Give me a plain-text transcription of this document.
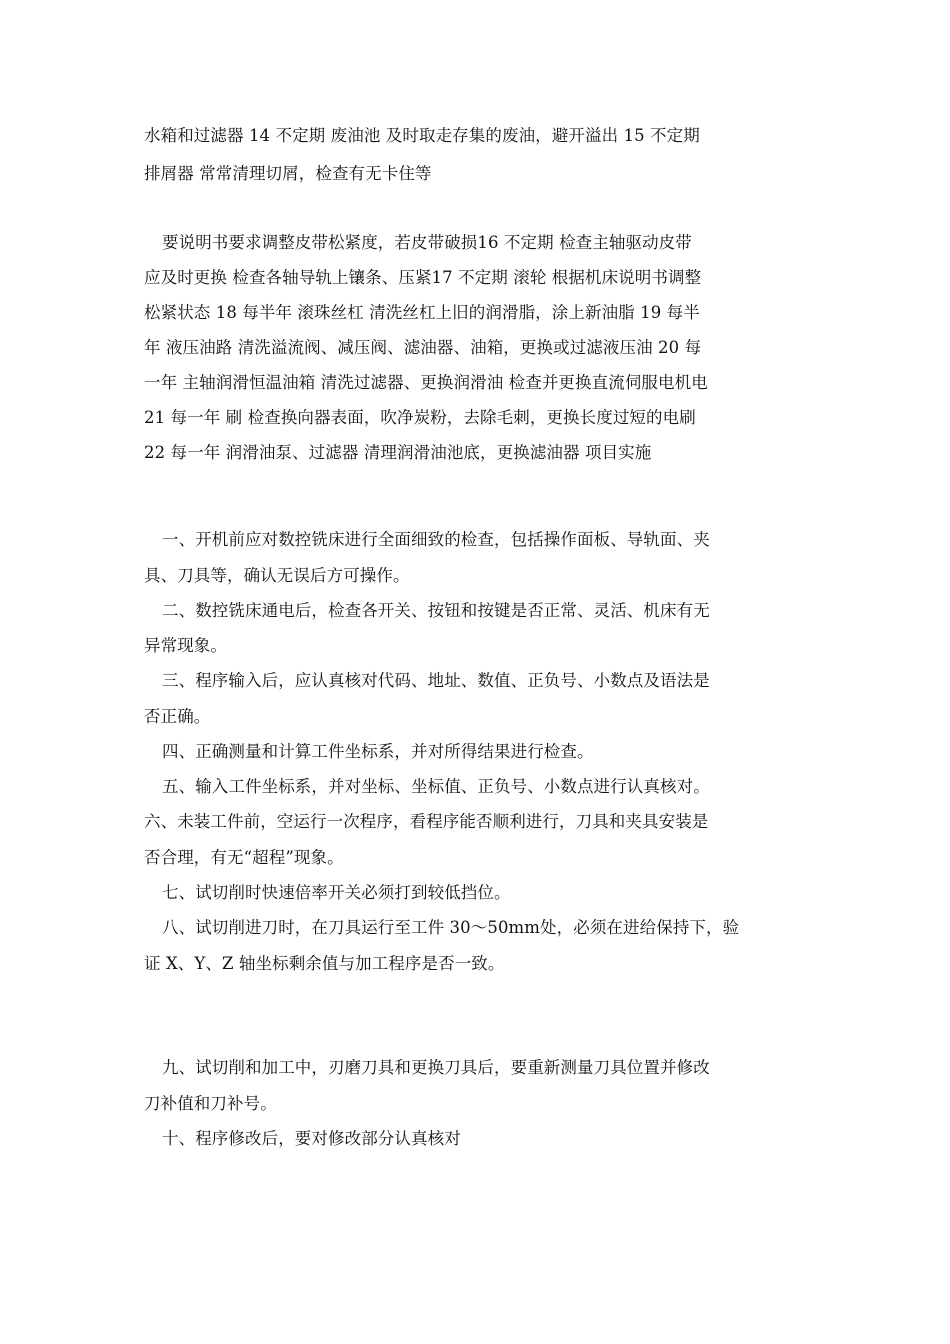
水箱和过滤器 14 不定期 废油池 及时取走存集的废油，避开溢出 15 不定期
排屑器 常常清理切屑，检查有无卡住等
要说明书要求调整皮带松紧度，若皮带破损16 不定期 检查主轴驱动皮带
应及时更换 检查各轴导轨上镶条、压紧17 不定期 滚轮 根据机床说明书调整
松紧状态 18 每半年 滚珠丝杠 清洗丝杠上旧的润滑脂，涂上新油脂 19 每半
年 液压油路 清洗溢流阀、减压阀、滤油器、油箱，更换或过滤液压油 20 每
一年 主轴润滑恒温油箱 清洗过滤器、更换润滑油 检查并更换直流伺服电机电
21 每一年 刷 检查换向器表面，吹净炭粉，去除毛刺，更换长度过短的电刷
22 每一年 润滑油泵、过滤器 清理润滑油池底，更换滤油器 项目实施
一、开机前应对数控铣床进行全面细致的检查，包括操作面板、导轨面、夹
具、刀具等，确认无误后方可操作。
二、数控铣床通电后，检查各开关、按钮和按键是否正常、灵活、机床有无
异常现象。
三、程序输入后，应认真核对代码、地址、数值、正负号、小数点及语法是
否正确。
四、正确测量和计算工件坐标系，并对所得结果进行检查。
五、输入工件坐标系，并对坐标、坐标值、正负号、小数点进行认真核对。
六、未装工件前，空运行一次程序，看程序能否顺利进行，刀具和夹具安装是
否合理，有无“超程”现象。
七、试切削时快速倍率开关必须打到较低挡位。
八、试切削进刀时，在刀具运行至工件 30～50mm处，必须在进给保持下，验
证 X、Y、Z 轴坐标剩余值与加工程序是否一致。
九、试切削和加工中，刃磨刀具和更换刀具后，要重新测量刀具位置并修改
刀补值和刀补号。
十、程序修改后，要对修改部分认真核对
